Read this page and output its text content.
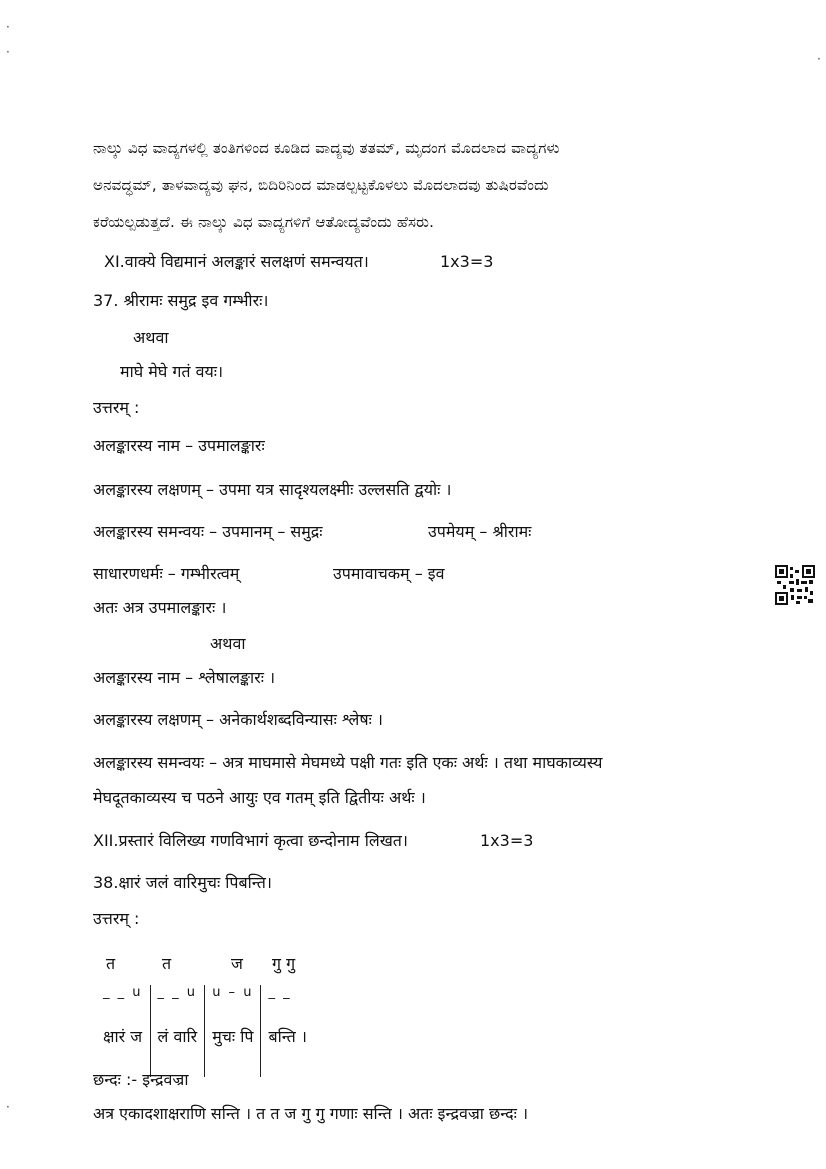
·
·	·
·
ನಾಲ್ಕು ವಿಧ ವಾದ್ಯಗಳಲ್ಲಿ ತಂತಿಗಳಿಂದ ಕೂಡಿದ ವಾದ್ಯವು ತತಮ್, ಮೃದಂಗ ಮೊದಲಾದ ವಾದ್ಯಗಳು
ಅನವದ್ಧಮ್, ತಾಳವಾದ್ಯವು ಘನ, ಬಿದಿರಿನಿಂದ ಮಾಡಲ್ಪಟ್ಟಕೊಳಲು ಮೊದಲಾದವು ತುಷಿರವೆಂದು
ಕರೆಯಲ್ಪಡುತ್ತದೆ. ಈ ನಾಲ್ಕು ವಿಧ ವಾದ್ಯಗಳಿಗೆ ಆತೋದ್ಯವೆಂದು ಹೆಸರು.
XI.वाक्ये विद्यमानं अलङ्कारं सलक्षणं समन्वयत।	1x3=3
37. श्रीरामः समुद्र इव गम्भीरः।
अथवा
माघे मेघे गतं वयः।
उत्तरम् :
अलङ्कारस्य नाम – उपमालङ्कारः
अलङ्कारस्य लक्षणम् – उपमा यत्र सादृश्यलक्ष्मीः उल्लसति द्वयोः ।
अलङ्कारस्य समन्वयः – उपमानम् – समुद्रः	उपमेयम् – श्रीरामः
साधारणधर्मः – गम्भीरत्वम्	उपमावाचकम् – इव
अतः अत्र उपमालङ्कारः ।
अथवा
अलङ्कारस्य नाम – श्लेषालङ्कारः ।
अलङ्कारस्य लक्षणम् – अनेकार्थशब्दविन्यासः श्लेषः ।
अलङ्कारस्य समन्वयः – अत्र माघमासे मेघमध्ये पक्षी गतः इति एकः अर्थः । तथा माघकाव्यस्य
मेघदूतकाव्यस्य च पठने आयुः एव गतम् इति द्वितीयः अर्थः ।
XII.प्रस्तारं विलिख्य गणविभागं कृत्वा छन्दोनाम लिखत।	1x3=3
38.क्षारं जलं वारिमुचः पिबन्ति।
उत्तरम् :
त	त	ज गु गु
_ _ u	_ _ u	u – u	_ _
क्षारं ज	लं वारि	मुचः पि	बन्ति ।
छन्दः :- इन्द्रवज्रा
अत्र एकादशाक्षराणि सन्ति । त त ज गु गु गणाः सन्ति । अतः इन्द्रवज्रा छन्दः ।
